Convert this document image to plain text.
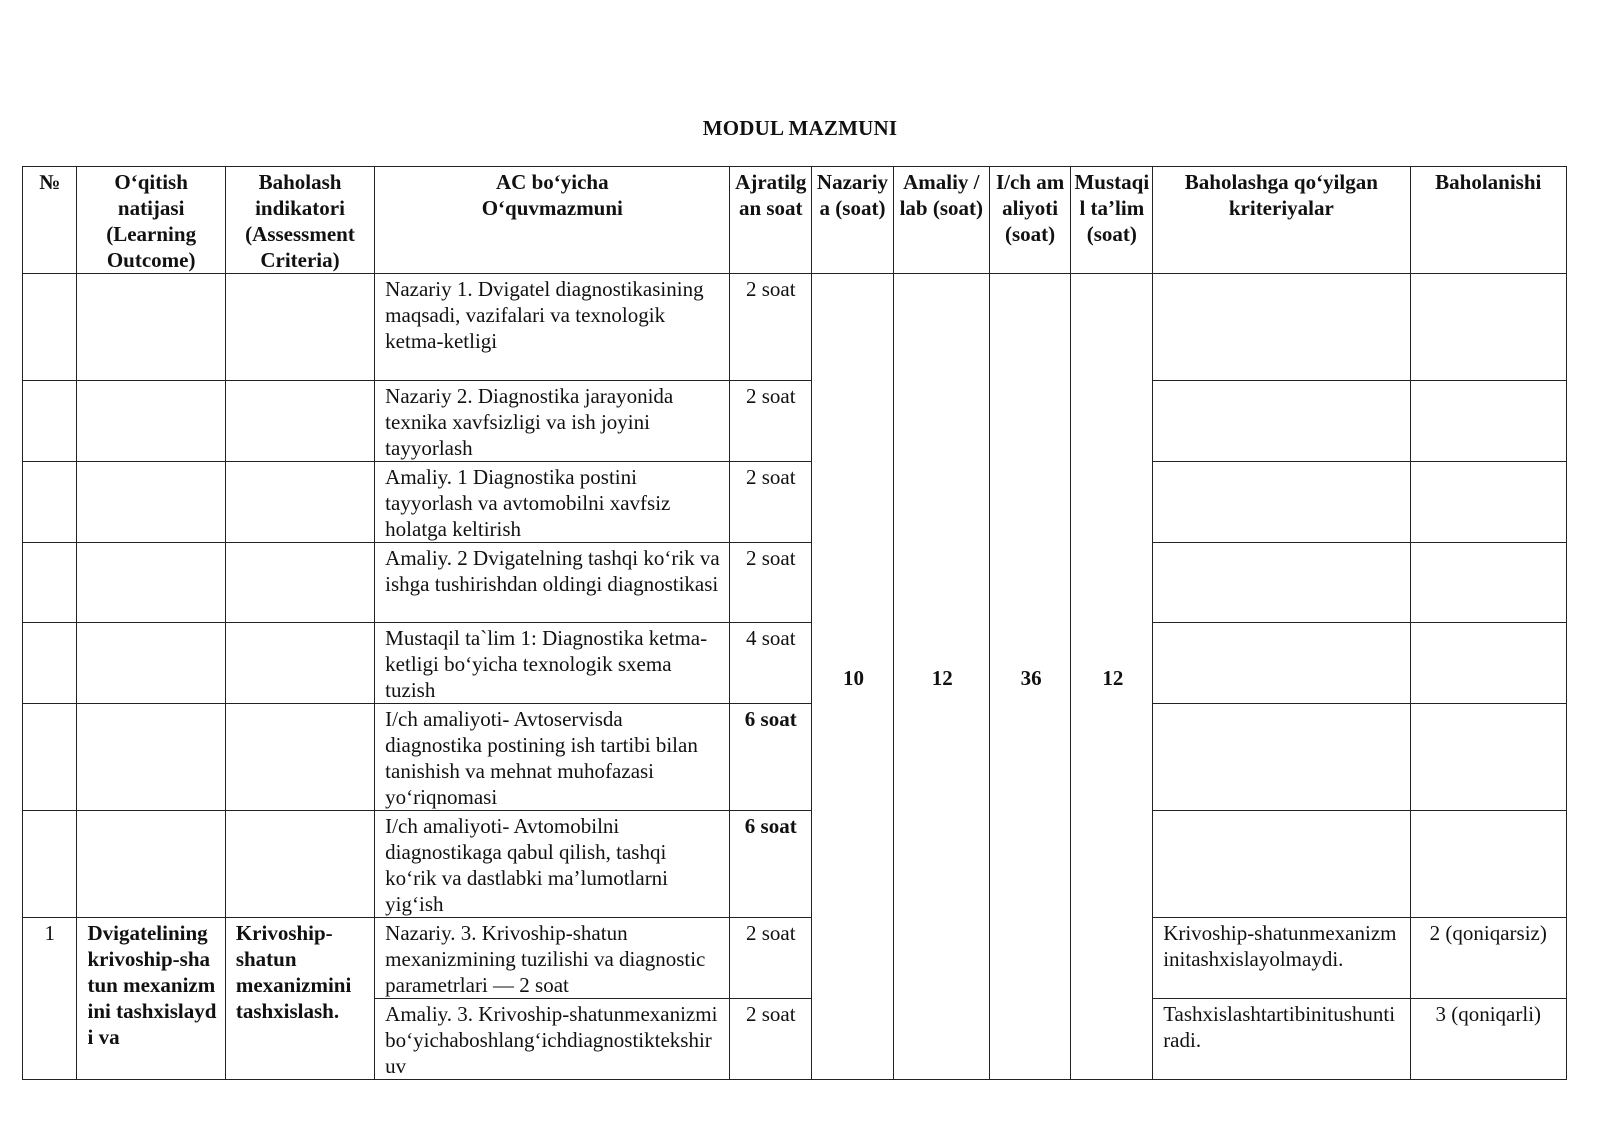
MODUL MAZMUNI
№	O‘qitish natijasi (Learning Outcome)	Baholash indikatori (Assessment Criteria)	AC bo‘yicha O‘quvmazmuni	Ajratilgan soat	Nazariya (soat)	Amaliy / lab (soat)	I/ch amaliyoti (soat)	Mustaqil ta’lim (soat)	Baholashga qo‘yilgan kriteriyalar	Baholanishi
			Nazariy 1. Dvigatel diagnostikasining maqsadi, vazifalari va texnologik ketma-ketligi	2 soat	10	12	36	12		
			Nazariy 2. Diagnostika jarayonida texnika xavfsizligi va ish joyini tayyorlash	2 soat						
			Amaliy. 1 Diagnostika postini tayyorlash va avtomobilni xavfsiz holatga keltirish	2 soat						
			Amaliy. 2 Dvigatelning tashqi ko‘rik va ishga tushirishdan oldingi diagnostikasi	2 soat						
			Mustaqil ta`lim 1: Diagnostika ketma-ketligi bo‘yicha texnologik sxema tuzish	4 soat						
			I/ch amaliyoti- Avtoservisda diagnostika postining ish tartibi bilan tanishish va mehnat muhofazasi yo‘riqnomasi	6 soat						
			I/ch amaliyoti- Avtomobilni diagnostikaga qabul qilish, tashqi ko‘rik va dastlabki ma’lumotlarni yig‘ish	6 soat						
1	Dvigatelining krivoship-shatun mexanizmini tashxislaydi va	Krivoship-shatun mexanizmini tashxislash.	Nazariy. 3. Krivoship-shatun mexanizmining tuzilishi va diagnostic parametrlari — 2 soat	2 soat					Krivoship-shatunmexanizminitashxislayolmaydi.	2 (qoniqarsiz)
			Amaliy. 3. Krivoship-shatunmexanizmibo‘yichaboshlang‘ichdiagnostiktekshiruv	2 soat					Tashxislashtartibinitushuntiradi.	3 (qoniqarli)
